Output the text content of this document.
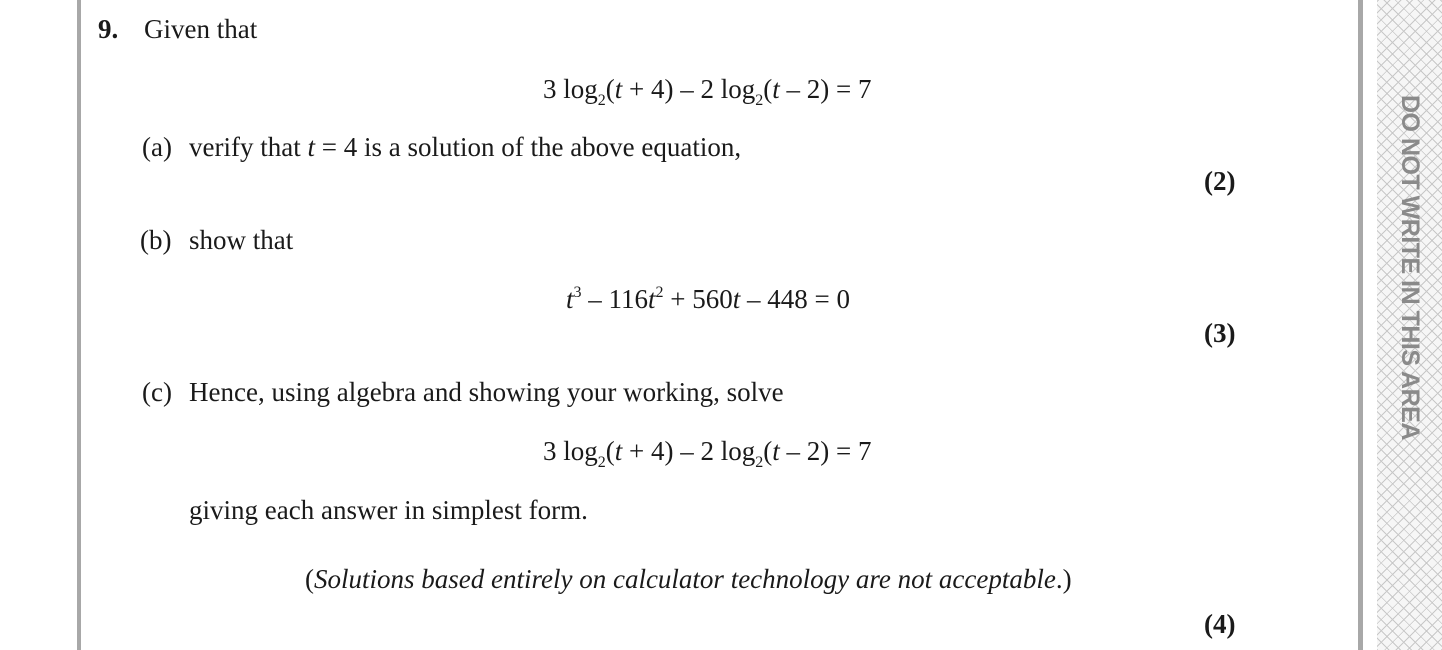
DO NOT WRITE IN THIS AREA
9. Given that
3 $\log_2(t + 4) - 2$ $\log_2(t - 2) = 7$
(a) verify that t = 4 is a solution of the above equation,
(2)
(b) show that
$t^3 - 116t^2 + 560t - 448 = 0$
(3)
(c) Hence, using algebra and showing your working, solve
3 $\log_2(t + 4) - 2$ $\log_2(t - 2) = 7$
giving each answer in simplest form.
(Solutions based entirely on calculator technology are not acceptable.)
(4)
